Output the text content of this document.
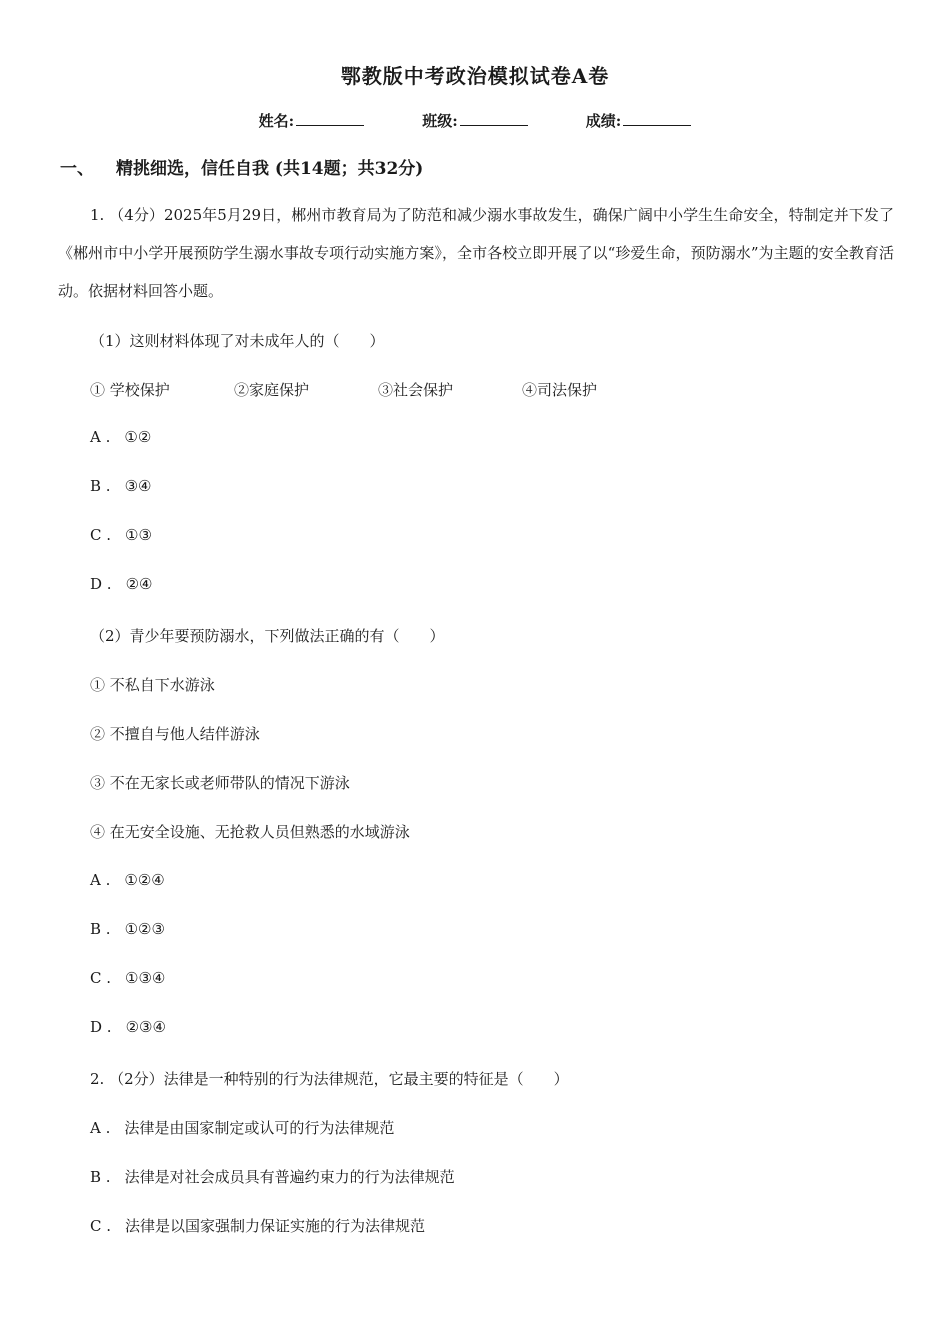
鄂教版中考政治模拟试卷A卷
姓名:	班级:	成绩:
一、 精挑细选，信任自我 (共14题；共32分)
1. （4分）2025年5月29日，郴州市教育局为了防范和减少溺水事故发生，确保广阔中小学生生命安全，特制定并下发了《郴州市中小学开展预防学生溺水事故专项行动实施方案》，全市各校立即开展了以“珍爱生命，预防溺水”为主题的安全教育活动。依据材料回答小题。
（1）这则材料体现了对未成年人的（　　）
① 学校保护	②家庭保护	③社会保护	④司法保护
A . ①②
B . ③④
C . ①③
D . ②④
（2）青少年要预防溺水，下列做法正确的有（　　）
① 不私自下水游泳
② 不擅自与他人结伴游泳
③ 不在无家长或老师带队的情况下游泳
④ 在无安全设施、无抢救人员但熟悉的水域游泳
A . ①②④
B . ①②③
C . ①③④
D . ②③④
2. （2分）法律是一种特别的行为法律规范，它最主要的特征是（　　）
A . 法律是由国家制定或认可的行为法律规范
B . 法律是对社会成员具有普遍约束力的行为法律规范
C . 法律是以国家强制力保证实施的行为法律规范
